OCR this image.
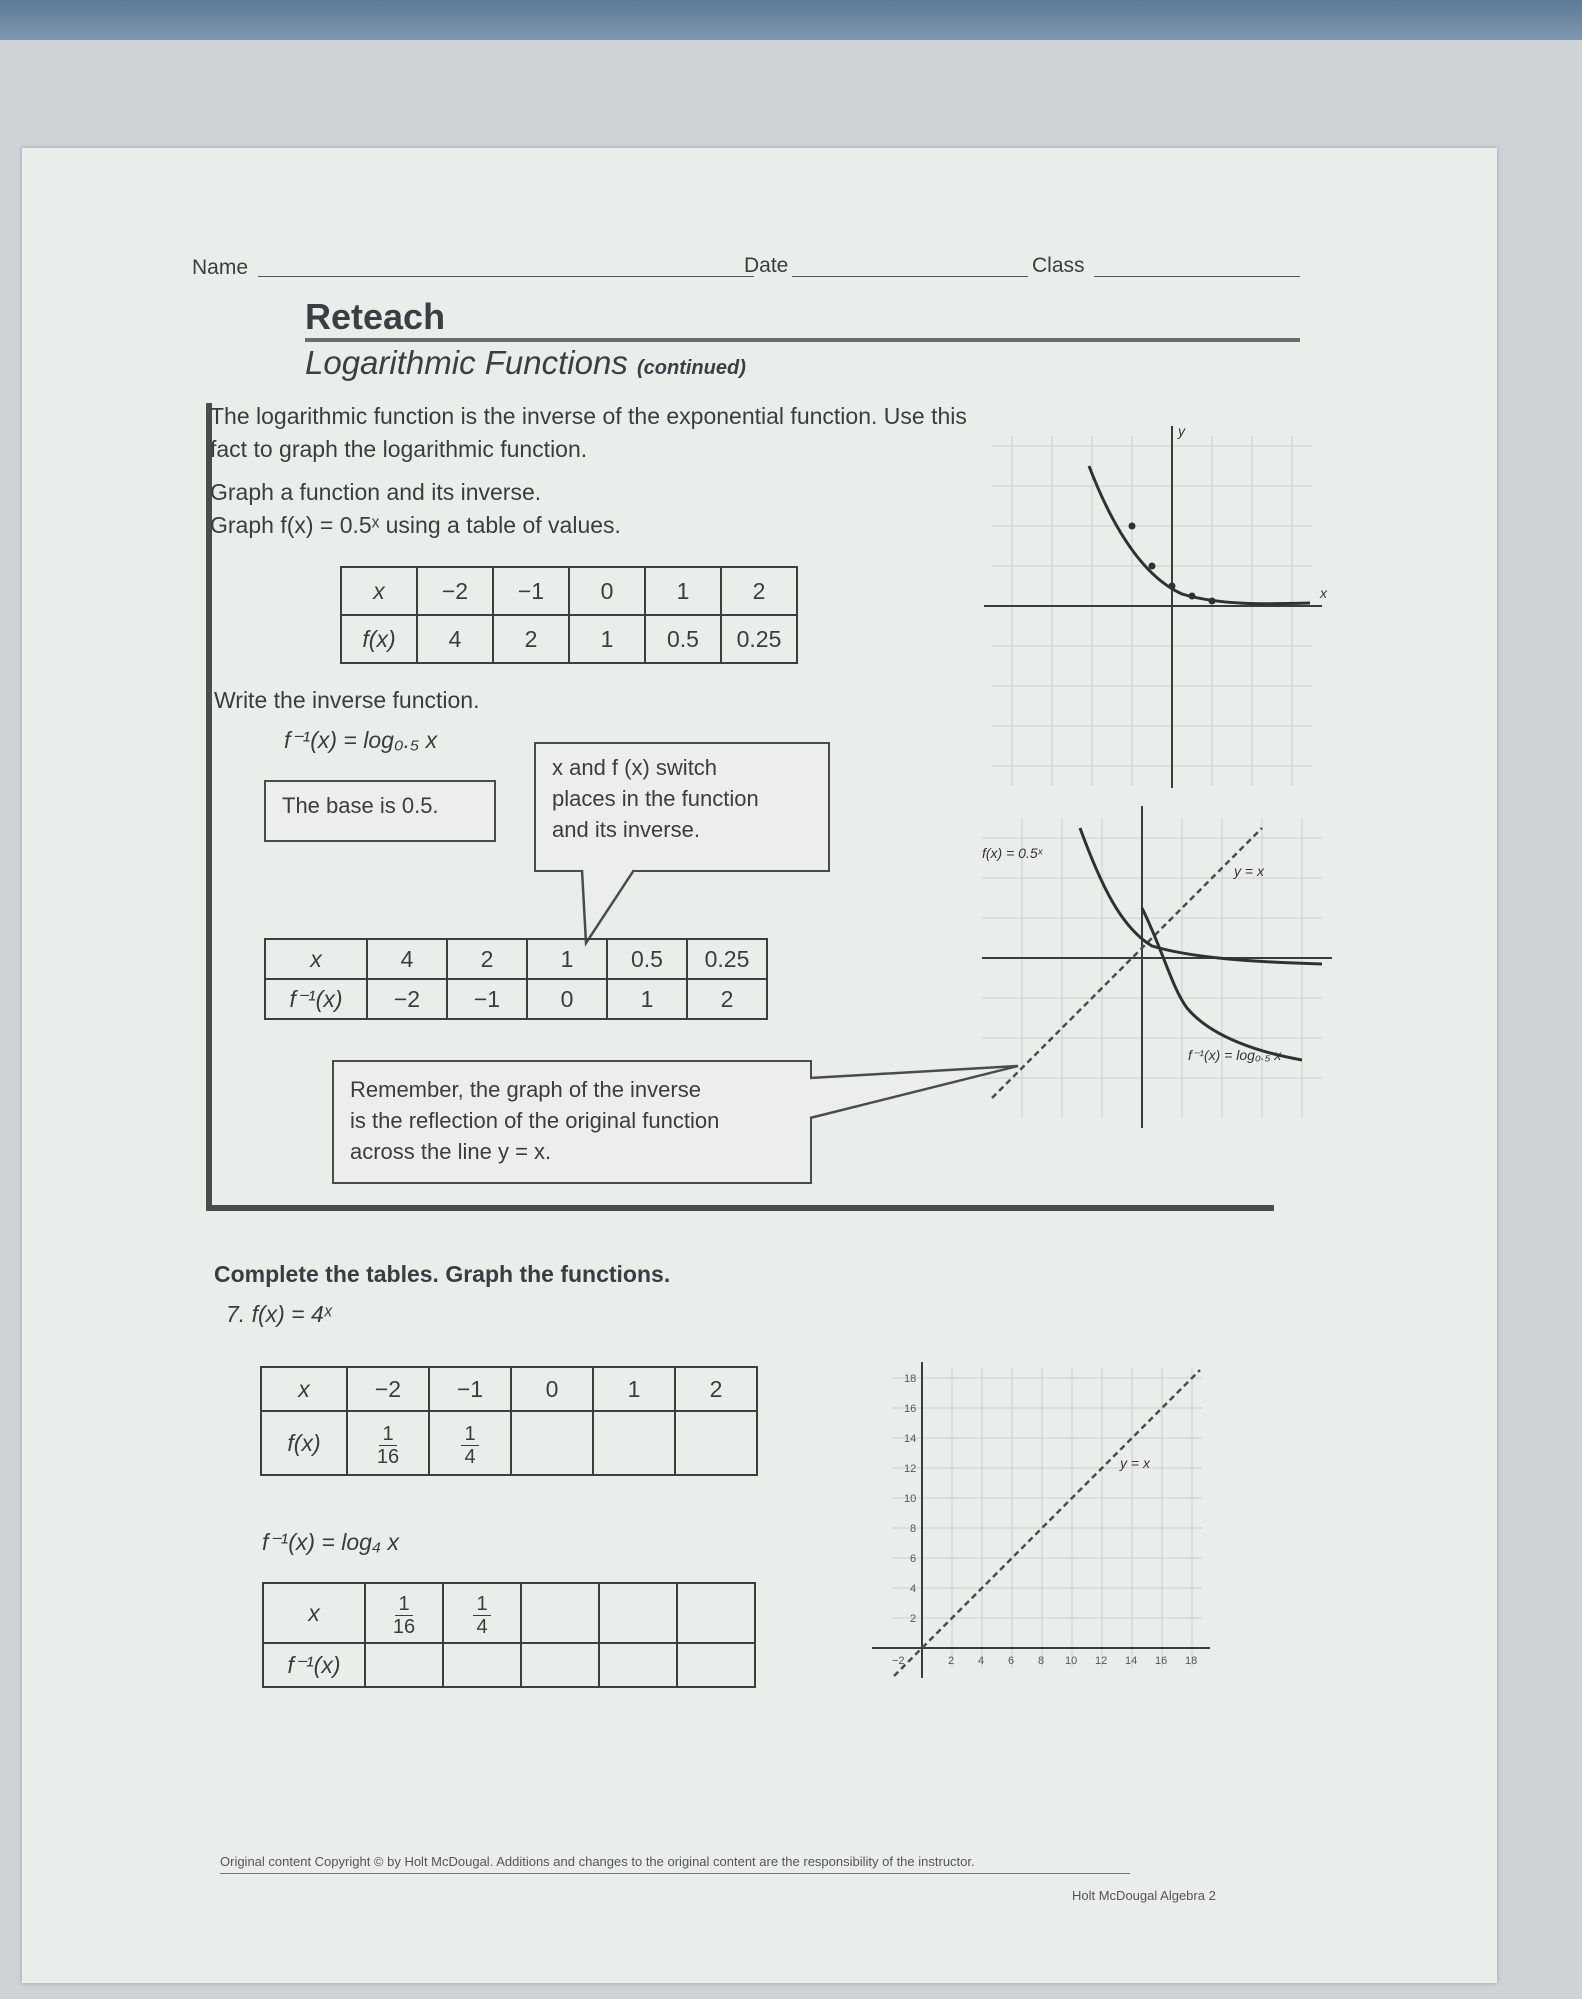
Name	Date	Class
Reteach
Logarithmic Functions (continued)
The logarithmic function is the inverse of the exponential function. Use this
fact to graph the logarithmic function.
Graph a function and its inverse.
Graph f(x) = 0.5ˣ using a table of values.
x	−2	−1	0	1	2
f(x)	4	2	1	0.5	0.25
Write the inverse function.
f⁻¹(x) = log₀.₅ x
The base is 0.5.
x and f (x) switch
places in the function
and its inverse.
x	4	2	1	0.5	0.25
f⁻¹(x)	−2	−1	0	1	2
Remember, the graph of the inverse
is the reflection of the original function
across the line y = x.
x
y
f(x) = 0.5ˣ
y = x
f⁻¹(x) = log₀.₅ x
Complete the tables. Graph the functions.
7. f(x) = 4ˣ
x	−2	−1	0	1	2
f(x)	$\frac{1}{16}$	$\frac{1}{4}$

f⁻¹(x) = log₄ x
x	$\frac{1}{16}$	$\frac{1}{4}$

f⁻¹(x)					
y = x
2 4 6 8 10 12 14 16 18
2
4
6
8
10
12
14
16
18
−2
Original content Copyright © by Holt McDougal. Additions and changes to the original content are the responsibility of the instructor.
Holt McDougal Algebra 2
